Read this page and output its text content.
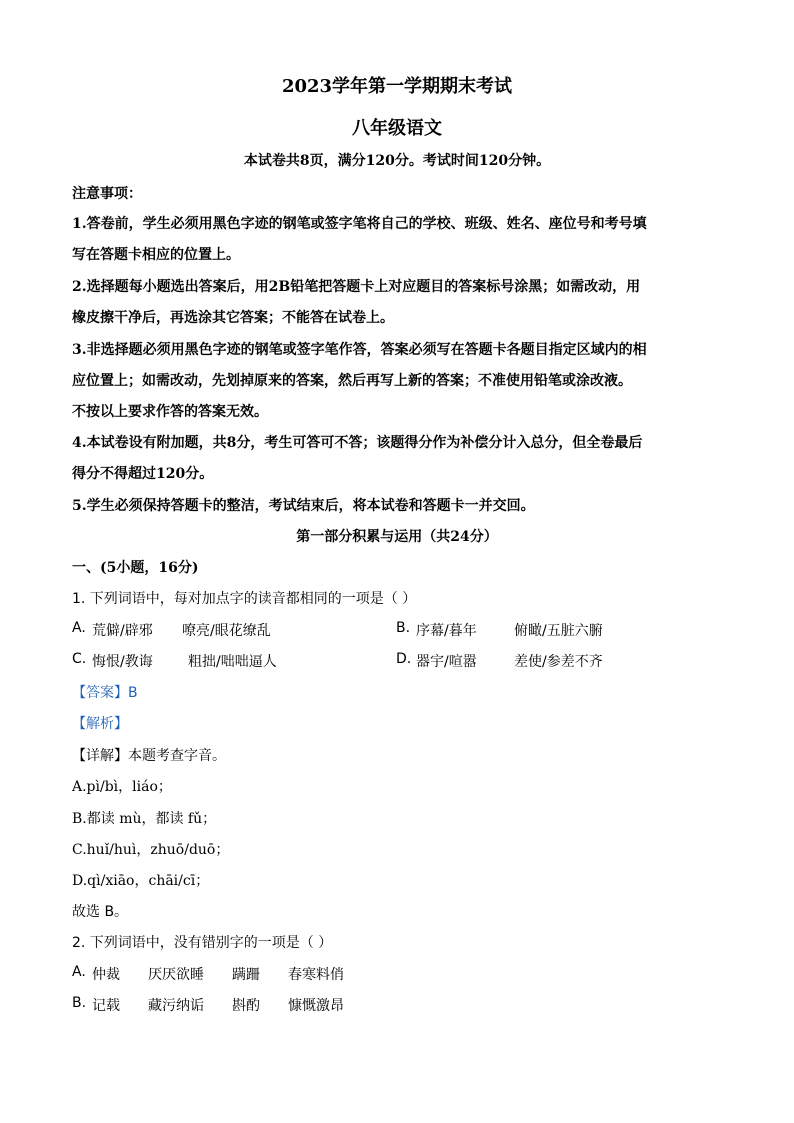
2023学年第一学期期末考试
八年级语文
本试卷共8页，满分120分。考试时间120分钟。
注意事项：
1.答卷前，学生必须用黑色字迹的钢笔或签字笔将自己的学校、班级、姓名、座位号和考号填
写在答题卡相应的位置上。
2.选择题每小题选出答案后，用2B铅笔把答题卡上对应题目的答案标号涂黑；如需改动，用
橡皮擦干净后，再选涂其它答案；不能答在试卷上。
3.非选择题必须用黑色字迹的钢笔或签字笔作答，答案必须写在答题卡各题目指定区域内的相
应位置上；如需改动，先划掉原来的答案，然后再写上新的答案；不准使用铅笔或涂改液。
不按以上要求作答的答案无效。
4.本试卷设有附加题，共8分，考生可答可不答；该题得分作为补偿分计入总分，但全卷最后
得分不得超过120分。
5.学生必须保持答题卡的整洁，考试结束后，将本试卷和答题卡一并交回。
第一部分积累与运用（共24分）
一、(5小题，16分)
1. 下列词语中，每对加点字的读音都相同的一项是（ ）
A. 荒僻/辟邪 嘹亮/眼花缭乱	B. 序幕/暮年	俯瞰/五脏六腑
C. 悔恨/教诲	粗拙/咄咄逼人	D. 器宇/喧嚣	差使/参差不齐
【答案】B
【解析】
【详解】本题考查字音。
A.pì/bì，liáo；
B.都读 mù，都读 fǔ；
C.huǐ/huì，zhuō/duō；
D.qì/xiāo，chāi/cī；
故选 B。
2. 下列词语中，没有错别字的一项是（ ）
A. 仲裁 厌厌欲睡 蹒跚 春寒料俏
B. 记载 藏污纳诟 斟酌 慷慨激昂
